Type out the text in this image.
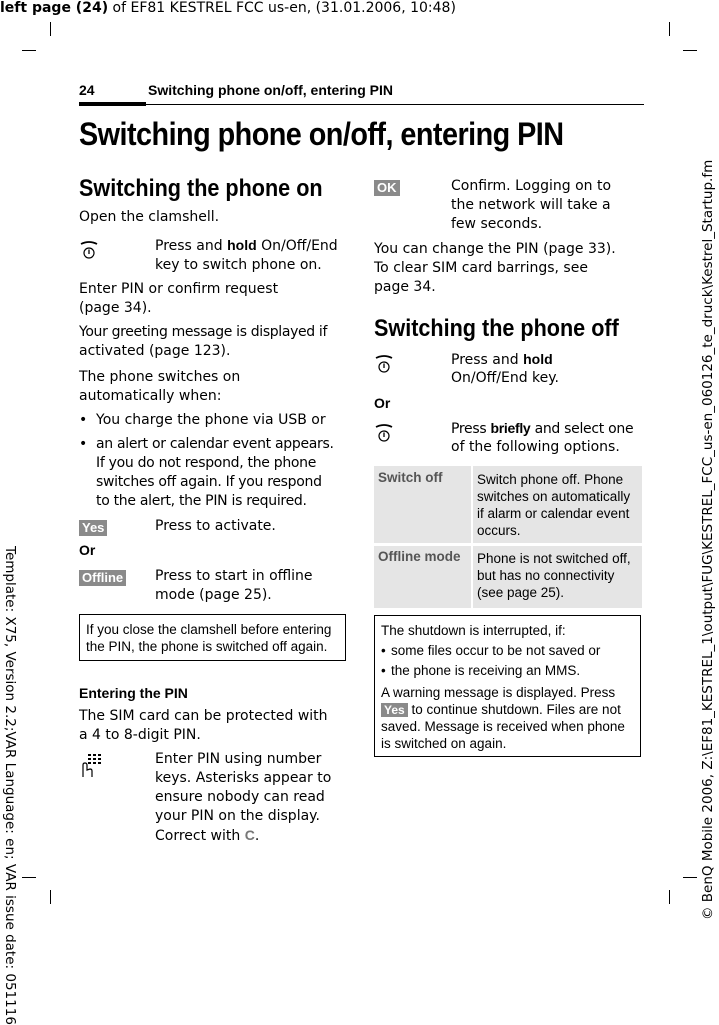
left page (24) of EF81 KESTREL FCC us-en, (31.01.2006, 10:48)
Template: X75, Version 2.2;VAR Language: en; VAR issue date: 051116	© BenQ Mobile 2006, Z:\EF81_KESTREL_1\output\FUG\KESTREL_FCC_us-en_060126_te_druck\Kestrel_Startup.fm
24	Switching phone on/off, entering PIN
Switching phone on/off, entering PIN
Switching the phone on
Open the clamshell.
Press and hold On/Off/End key to switch phone on.
Enter PIN or confirm request
(page 34).
Your greeting message is displayed if
activated (page 123).
The phone switches on
automatically when:
• You charge the phone via USB or
• an alert or calendar event appears.
If you do not respond, the phone
switches off again. If you respond
to the alert, the PIN is required.
Yes	Press to activate.
Or
Offline Press to start in offline
mode (page 25).
If you close the clamshell before entering
the PIN, the phone is switched off again.
Entering the PIN
The SIM card can be protected with
a 4 to 8-digit PIN.
Enter PIN using number
keys. Asterisks appear to
ensure nobody can read
your PIN on the display.
Correct with C.
OK	Confirm. Logging on to
the network will take a
few seconds.
You can change the PIN (page 33).
To clear SIM card barrings, see
page 34.
Switching the phone off
Press and hold
On/Off/End key.
Or
Press briefly and select one
of the following options.
Switch off	Switch phone off. Phone
switches on automatically
if alarm or calendar event
occurs.
Offline mode	Phone is not switched off,
but has no connectivity
(see page 25).
The shutdown is interrupted, if:
• some files occur to be not saved or
• the phone is receiving an MMS.
A warning message is displayed. Press
Yes to continue shutdown. Files are not
saved. Message is received when phone
is switched on again.
